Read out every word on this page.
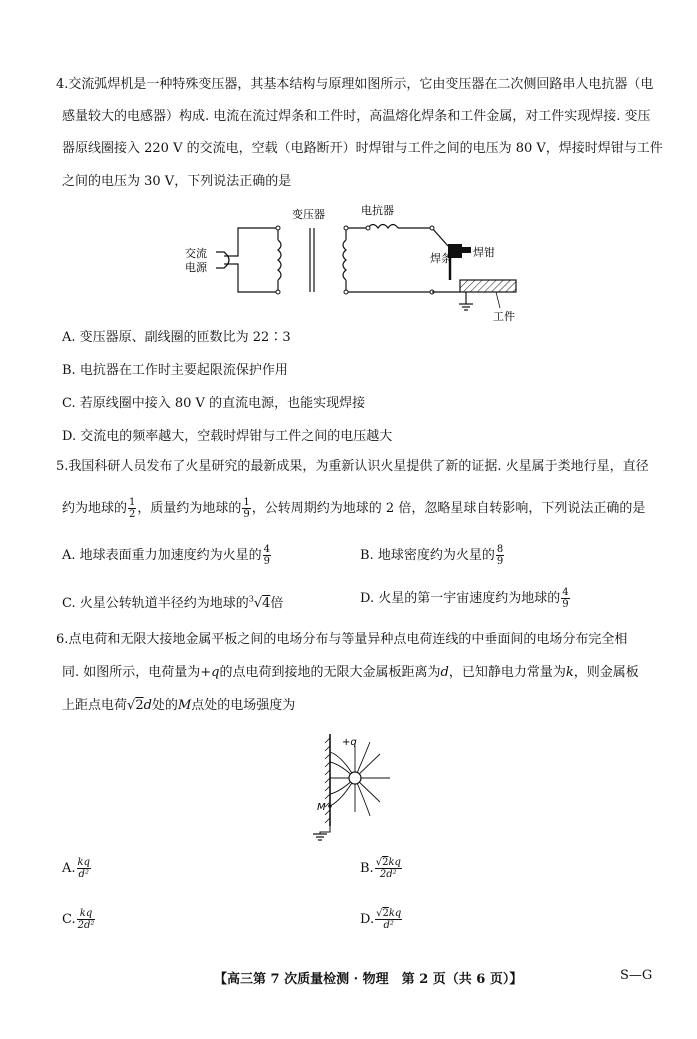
4.交流弧焊机是一种特殊变压器，其基本结构与原理如图所示，它由变压器在二次侧回路串人电抗器（电
感量较大的电感器）构成. 电流在流过焊条和工件时，高温熔化焊条和工件金属，对工件实现焊接. 变压
器原线圈接入 220 V 的交流电，空载（电路断开）时焊钳与工件之间的电压为 80 V，焊接时焊钳与工件
之间的电压为 30 V，下列说法正确的是
交流
电源
变压器	电抗器
焊条 焊钳
工件
A. 变压器原、副线圈的匝数比为 22∶3
B. 电抗器在工作时主要起限流保护作用
C. 若原线圈中接入 80 V 的直流电源，也能实现焊接
D. 交流电的频率越大，空载时焊钳与工件之间的电压越大
5.我国科研人员发布了火星研究的最新成果，为重新认识火星提供了新的证据. 火星属于类地行星，直径
约为地球的 $\frac{1}{2}$ ，质量约为地球的 $\frac{1}{9}$ ，公转周期约为地球的 2 倍，忽略星球自转影响，下列说法正确的是
A. 地球表面重力加速度约为火星的 $\frac{4}{9}$	B. 地球密度约为火星的 $\frac{8}{9}$
C. 火星公转轨道半径约为地球的$^3$√4倍	D. 火星的第一宇宙速度约为地球的 $\frac{4}{9}$
6.点电荷和无限大接地金属平板之间的电场分布与等量异种点电荷连线的中垂面间的电场分布完全相
同. 如图所示，电荷量为+q的点电荷到接地的无限大金属板距离为d，已知静电力常量为k，则金属板
上距点电荷√2d处的M点处的电场强度为
+q
M
A. $\frac{kq}{\text{d²}}$	B. $\frac{√2kq}{\text{2d²}}$
C. $\frac{kq}{\text{2d²}}$	D. $\frac{√2kq}{\text{d²}}$
【高三第 7 次质量检测 · 物理　第 2 页（共 6 页）】	S—G
